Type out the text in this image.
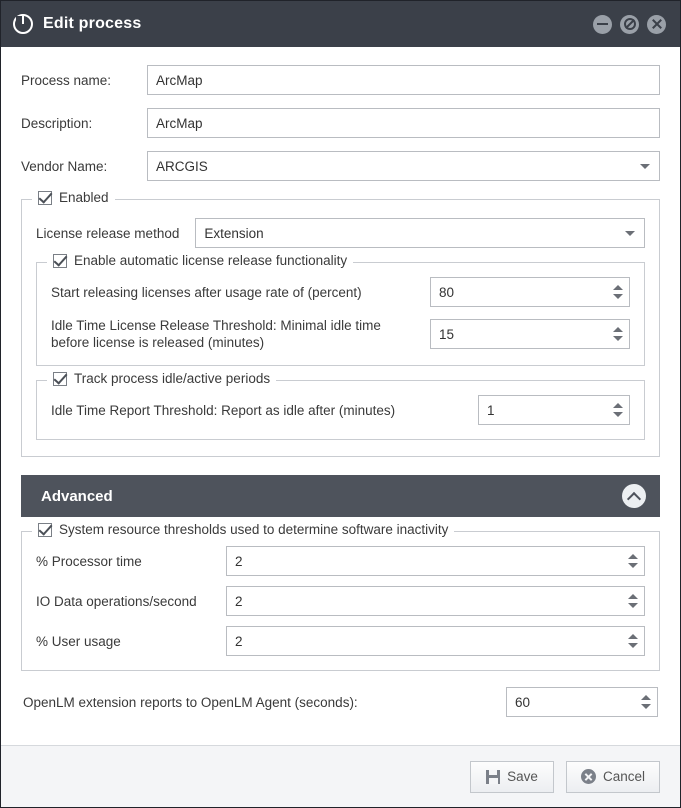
Edit process
Process name:
ArcMap
Description:
ArcMap
Vendor Name:
ARCGIS
Enabled
License release method
Extension
Enable automatic license release functionality
Start releasing licenses after usage rate of (percent)
80
Idle Time License Release Threshold: Minimal idle time before license is released (minutes)
15
Track process idle/active periods
Idle Time Report Threshold: Report as idle after (minutes)
1
Advanced
System resource thresholds used to determine software inactivity
% Processor time
2
IO Data operations/second
2
% User usage
2
OpenLM extension reports to OpenLM Agent (seconds):
60
Save	Cancel
